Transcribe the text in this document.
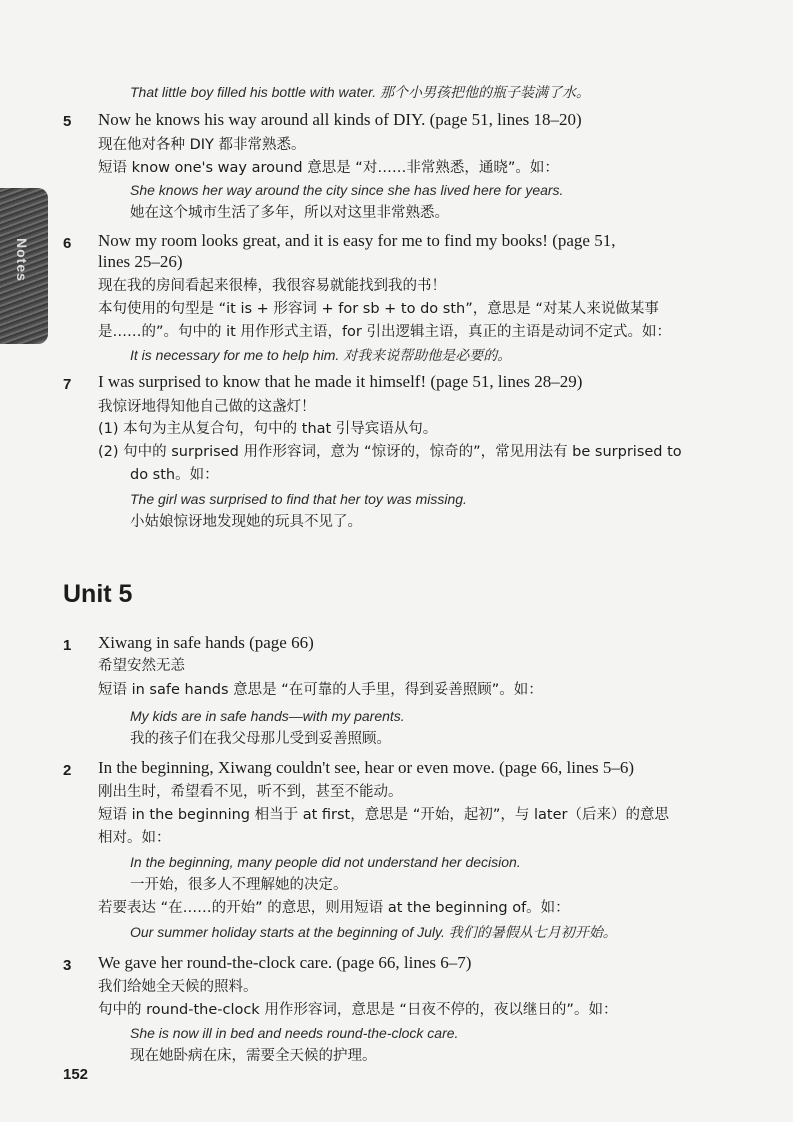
Notes
That little boy filled his bottle with water. 那个小男孩把他的瓶子装满了水。
5	Now he knows his way around all kinds of DIY. (page 51, lines 18–20)
现在他对各种 DIY 都非常熟悉。
短语 know one's way around 意思是 “对……非常熟悉，通晓”。如：
She knows her way around the city since she has lived here for years.
她在这个城市生活了多年，所以对这里非常熟悉。
6	Now my room looks great, and it is easy for me to find my books! (page 51,
lines 25–26)
现在我的房间看起来很棒，我很容易就能找到我的书！
本句使用的句型是 “it is + 形容词 + for sb + to do sth”，意思是 “对某人来说做某事
是……的”。句中的 it 用作形式主语，for 引出逻辑主语，真正的主语是动词不定式。如：
It is necessary for me to help him. 对我来说帮助他是必要的。
7	I was surprised to know that he made it himself! (page 51, lines 28–29)
我惊讶地得知他自己做的这盏灯！
(1) 本句为主从复合句，句中的 that 引导宾语从句。
(2) 句中的 surprised 用作形容词，意为 “惊讶的，惊奇的”，常见用法有 be surprised to
do sth。如：
The girl was surprised to find that her toy was missing.
小姑娘惊讶地发现她的玩具不见了。
Unit 5
1	Xiwang in safe hands (page 66)
希望安然无恙
短语 in safe hands 意思是 “在可靠的人手里，得到妥善照顾”。如：
My kids are in safe hands—with my parents.
我的孩子们在我父母那儿受到妥善照顾。
2	In the beginning, Xiwang couldn't see, hear or even move. (page 66, lines 5–6)
刚出生时，希望看不见，听不到，甚至不能动。
短语 in the beginning 相当于 at first，意思是 “开始，起初”，与 later（后来）的意思
相对。如：
In the beginning, many people did not understand her decision.
一开始，很多人不理解她的决定。
若要表达 “在……的开始” 的意思，则用短语 at the beginning of。如：
Our summer holiday starts at the beginning of July. 我们的暑假从七月初开始。
3	We gave her round-the-clock care. (page 66, lines 6–7)
我们给她全天候的照料。
句中的 round-the-clock 用作形容词，意思是 “日夜不停的，夜以继日的”。如：
She is now ill in bed and needs round-the-clock care.
现在她卧病在床，需要全天候的护理。
152
